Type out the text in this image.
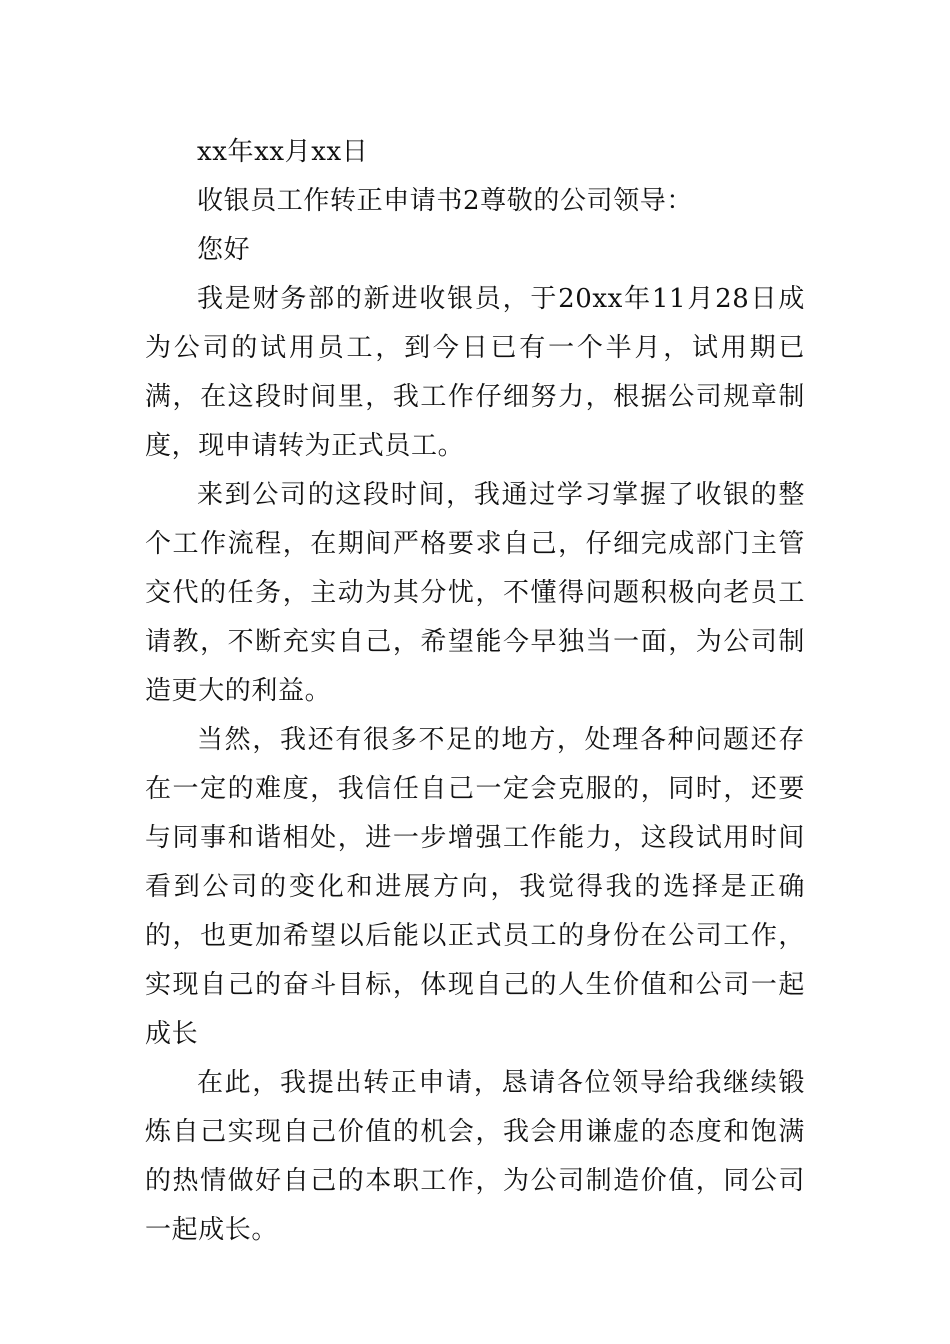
xx年xx月xx日

收银员工作转正申请书2尊敬的公司领导：

您好

我是财务部的新进收银员，于20xx年11月28日成为公司的试用员工，到今日已有一个半月，试用期已满，在这段时间里，我工作仔细努力，根据公司规章制度，现申请转为正式员工。

来到公司的这段时间，我通过学习掌握了收银的整个工作流程，在期间严格要求自己，仔细完成部门主管交代的任务，主动为其分忧，不懂得问题积极向老员工请教，不断充实自己，希望能今早独当一面，为公司制造更大的利益。

当然，我还有很多不足的地方，处理各种问题还存在一定的难度，我信任自己一定会克服的，同时，还要与同事和谐相处，进一步增强工作能力，这段试用时间看到公司的变化和进展方向，我觉得我的选择是正确的，也更加希望以后能以正式员工的身份在公司工作，实现自己的奋斗目标，体现自己的人生价值和公司一起成长

在此，我提出转正申请，恳请各位领导给我继续锻炼自己实现自己价值的机会，我会用谦虚的态度和饱满的热情做好自己的本职工作，为公司制造价值，同公司一起成长。
